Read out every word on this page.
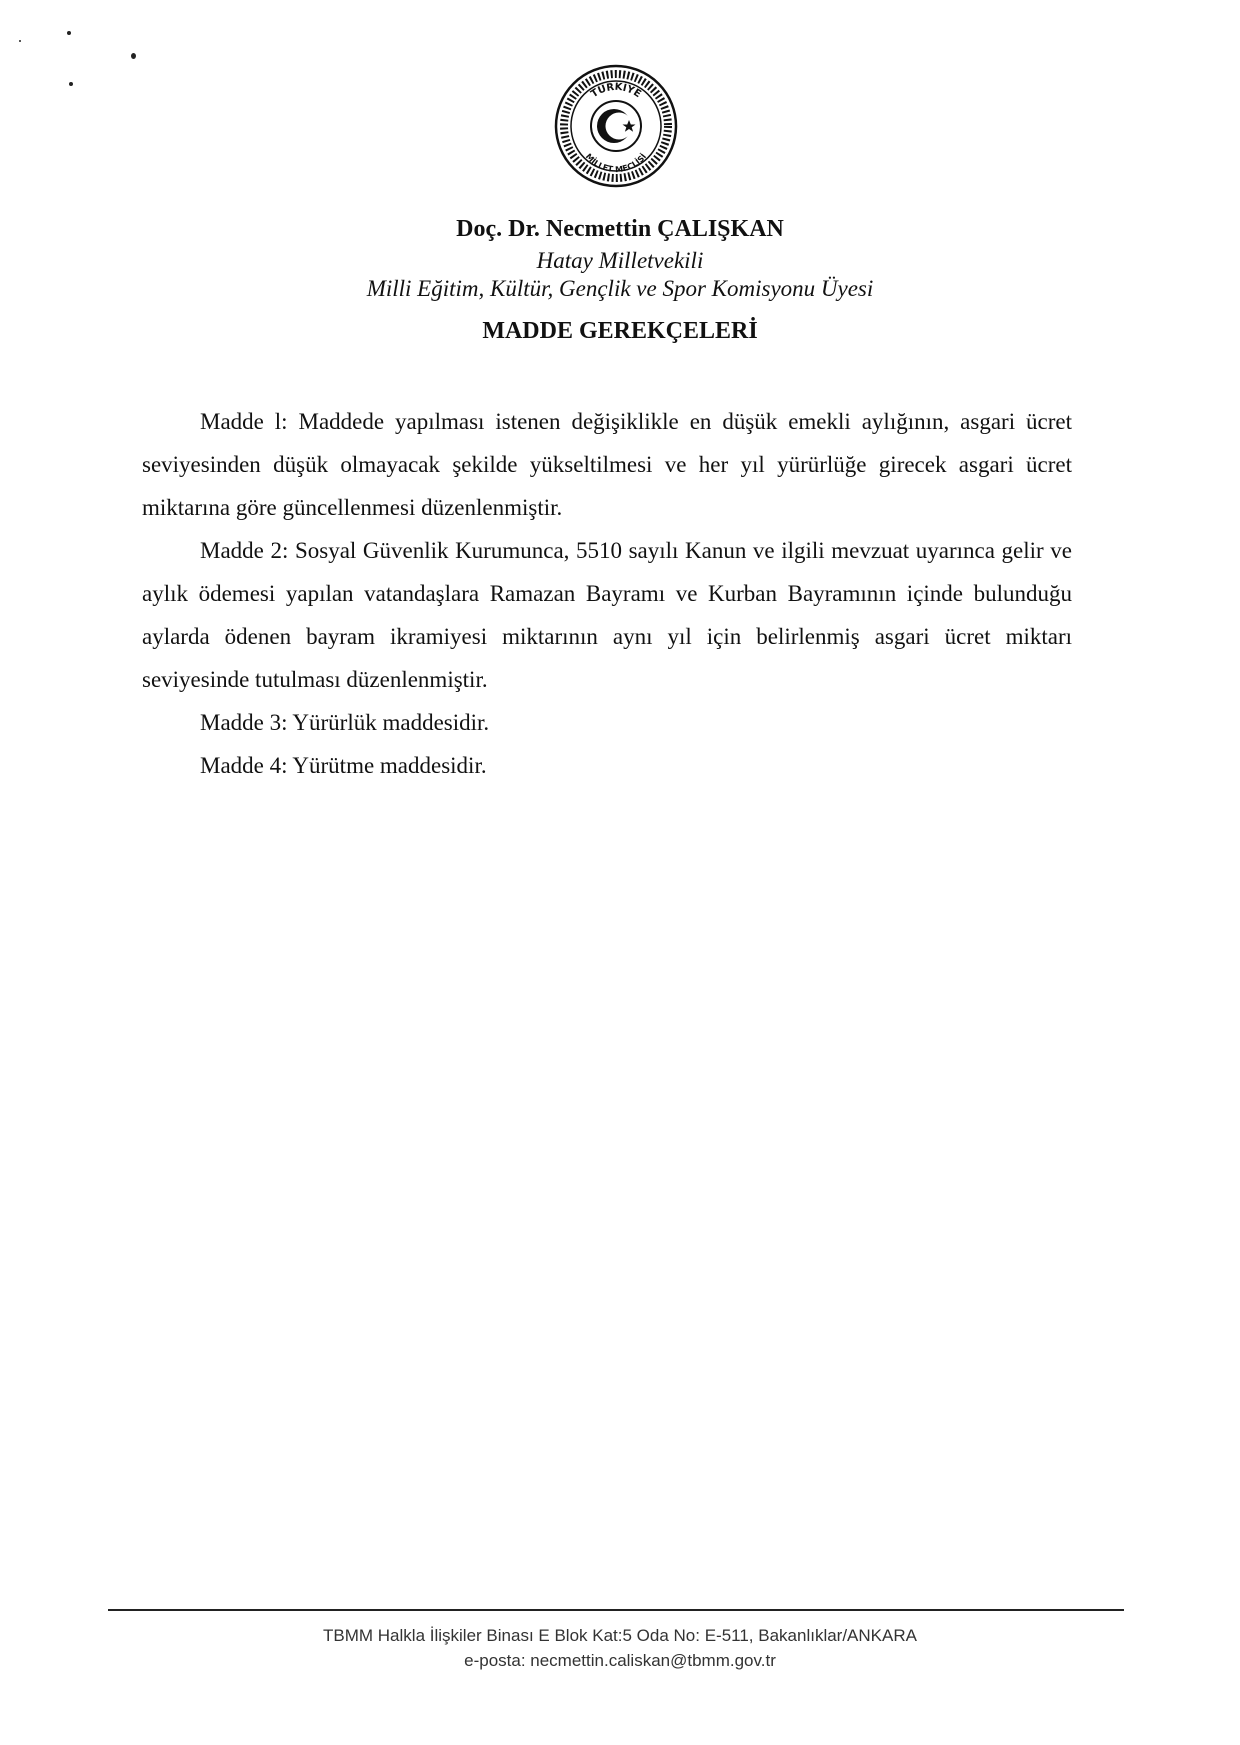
TÜRKİYE
MİLLET MECLİSİ
Doç. Dr. Necmettin ÇALIŞKAN
Hatay Milletvekili
Milli Eğitim, Kültür, Gençlik ve Spor Komisyonu Üyesi
MADDE GEREKÇELERİ

Madde l: Maddede yapılması istenen değişiklikle en düşük emekli aylığının, asgari ücret seviyesinden düşük olmayacak şekilde yükseltilmesi ve her yıl yürürlüğe girecek asgari ücret miktarına göre güncellenmesi düzenlenmiştir.

Madde 2: Sosyal Güvenlik Kurumunca, 5510 sayılı Kanun ve ilgili mevzuat uyarınca gelir ve aylık ödemesi yapılan vatandaşlara Ramazan Bayramı ve Kurban Bayramının içinde bulunduğu aylarda ödenen bayram ikramiyesi miktarının aynı yıl için belirlenmiş asgari ücret miktarı seviyesinde tutulması düzenlenmiştir.

Madde 3: Yürürlük maddesidir.

Madde 4: Yürütme maddesidir.

TBMM Halkla İlişkiler Binası E Blok Kat:5 Oda No: E-511, Bakanlıklar/ANKARA
e-posta: necmettin.caliskan@tbmm.gov.tr
